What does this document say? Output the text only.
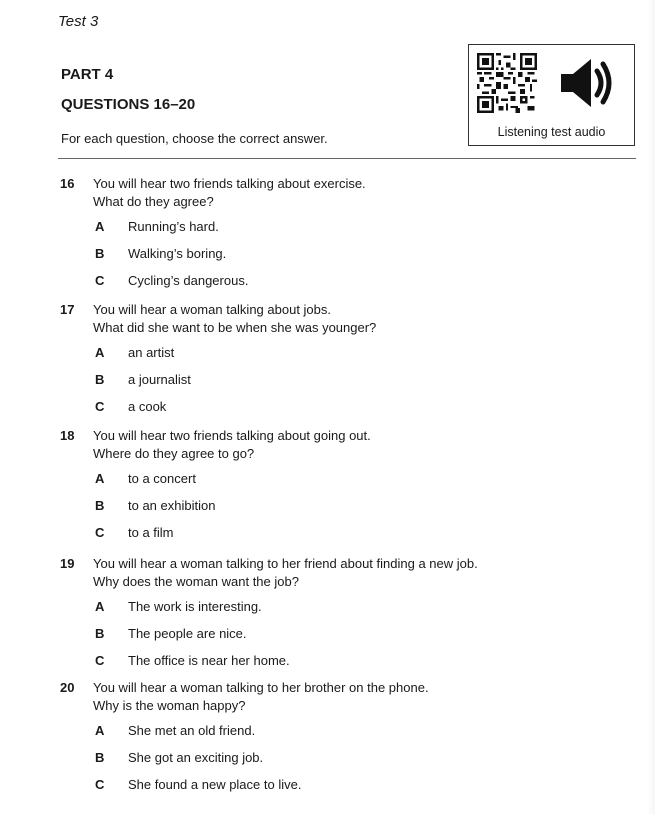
Test 3
PART 4
QUESTIONS 16–20
For each question, choose the correct answer.	Listening test audio
16 You will hear two friends talking about exercise.
What do they agree?
A Running’s hard.
B Walking’s boring.
C Cycling’s dangerous.
17 You will hear a woman talking about jobs.
What did she want to be when she was younger?
A an artist
B a journalist
C a cook
18 You will hear two friends talking about going out.
Where do they agree to go?
A to a concert
B to an exhibition
C to a film
19 You will hear a woman talking to her friend about finding a new job.
Why does the woman want the job?
A The work is interesting.
B The people are nice.
C The office is near her home.
20 You will hear a woman talking to her brother on the phone.
Why is the woman happy?
A She met an old friend.
B She got an exciting job.
C She found a new place to live.
